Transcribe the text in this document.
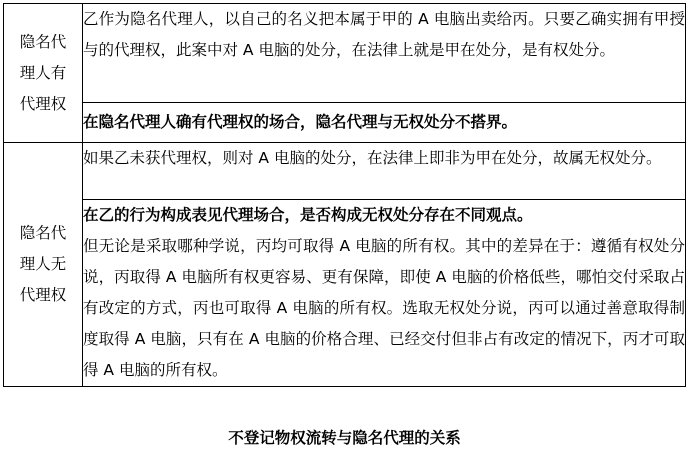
隐名代
理人有
代理权	乙作为隐名代理人，以自己的名义把本属于甲的 A 电脑出卖给丙。只要乙确实拥有甲授与的代理权，此案中对 A 电脑的处分，在法律上就是甲在处分，是有权处分。

	在隐名代理人确有代理权的场合，隐名代理与无权处分不搭界。

隐名代
理人无
代理权	如果乙未获代理权，则对 A 电脑的处分，在法律上即非为甲在处分，故属无权处分。

	在乙的行为构成表见代理场合，是否构成无权处分存在不同观点。

但无论是采取哪种学说，丙均可取得 A 电脑的所有权。其中的差异在于：遵循有权处分说，丙取得 A 电脑所有权更容易、更有保障，即使 A 电脑的价格低些，哪怕交付采取占有改定的方式，丙也可取得 A 电脑的所有权。选取无权处分说，丙可以通过善意取得制度取得 A 电脑，只有在 A 电脑的价格合理、已经交付但非占有改定的情况下，丙才可取得 A 电脑的所有权。

不登记物权流转与隐名代理的关系
